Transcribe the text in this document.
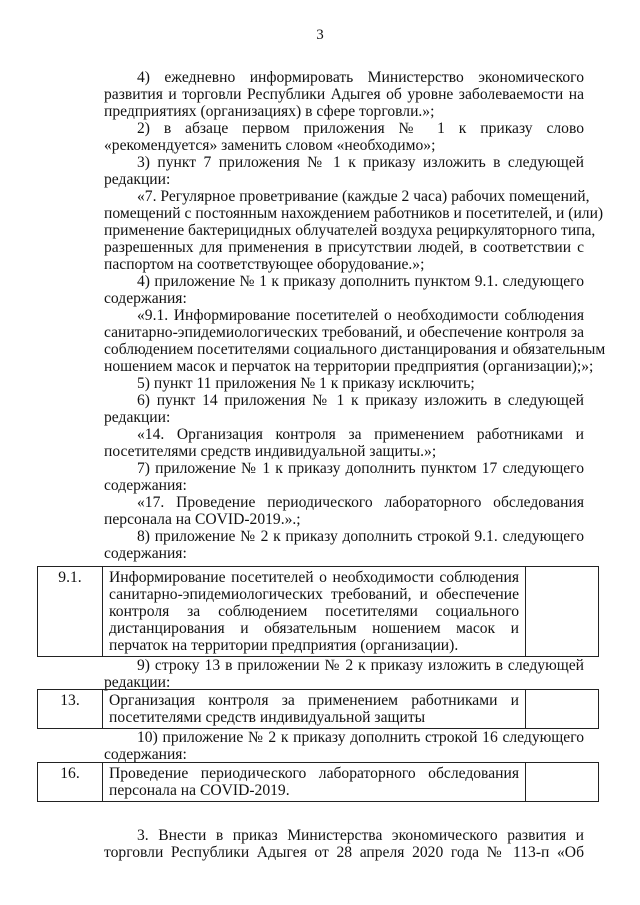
3
4) ежедневно информировать Министерство экономического
развития и торговли Республики Адыгея об уровне заболеваемости на
предприятиях (организациях) в сфере торговли.»;
2) в абзаце первом приложения № 1 к приказу слово
«рекомендуется» заменить словом «необходимо»;
3) пункт 7 приложения № 1 к приказу изложить в следующей
редакции:
«7. Регулярное проветривание (каждые 2 часа) рабочих помещений,
помещений с постоянным нахождением работников и посетителей, и (или)
применение бактерицидных облучателей воздуха рециркуляторного типа,
разрешенных для применения в присутствии людей, в соответствии с
паспортом на соответствующее оборудование.»;
4) приложение № 1 к приказу дополнить пунктом 9.1. следующего
содержания:
«9.1. Информирование посетителей о необходимости соблюдения
санитарно-эпидемиологических требований, и обеспечение контроля за
соблюдением посетителями социального дистанцирования и обязательным
ношением масок и перчаток на территории предприятия (организации);»;
5) пункт 11 приложения № 1 к приказу исключить;
6) пункт 14 приложения № 1 к приказу изложить в следующей
редакции:
«14. Организация контроля за применением работниками и
посетителями средств индивидуальной защиты.»;
7) приложение № 1 к приказу дополнить пунктом 17 следующего
содержания:
«17. Проведение периодического лабораторного обследования
персонала на COVID-2019.».;
8) приложение № 2 к приказу дополнить строкой 9.1. следующего
содержания:
9.1.	Информирование посетителей о необходимости соблюдения
санитарно-эпидемиологических требований, и обеспечение
контроля за соблюдением посетителями социального
дистанцирования и обязательным ношением масок и
перчаток на территории предприятия (организации).

9) строку 13 в приложении № 2 к приказу изложить в следующей
редакции:
13.	Организация контроля за применением работниками и
посетителями средств индивидуальной защиты

10) приложение № 2 к приказу дополнить строкой 16 следующего
содержания:
16.	Проведение периодического лабораторного обследования
персонала на COVID-2019.

3. Внести в приказ Министерства экономического развития и
торговли Республики Адыгея от 28 апреля 2020 года № 113-п «Об
